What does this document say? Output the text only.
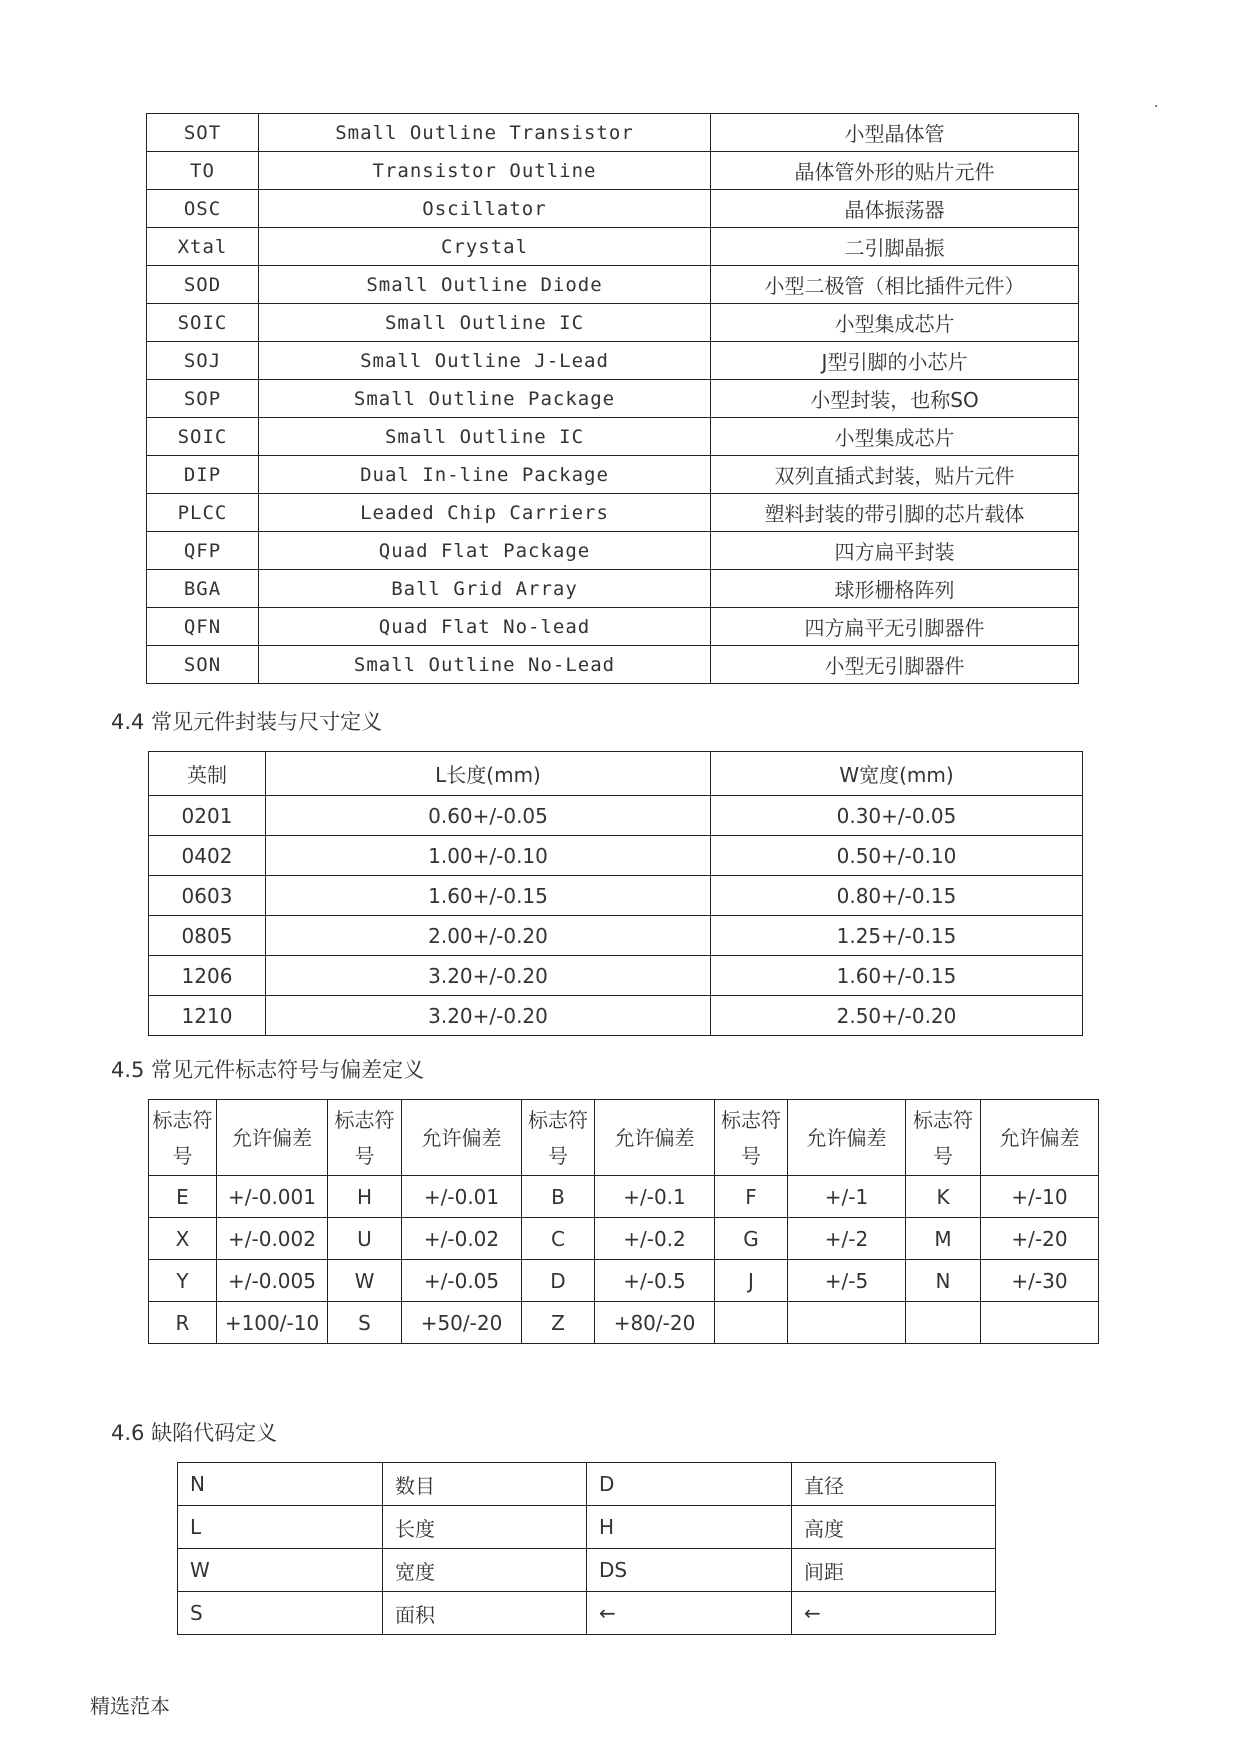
.
SOT	Small Outline Transistor	小型晶体管
TO	Transistor Outline	晶体管外形的贴片元件
OSC	Oscillator	晶体振荡器
Xtal	Crystal	二引脚晶振
SOD	Small Outline Diode	小型二极管（相比插件元件）
SOIC	Small Outline IC	小型集成芯片
SOJ	Small Outline J-Lead	J型引脚的小芯片
SOP	Small Outline Package	小型封装，也称SO
SOIC	Small Outline IC	小型集成芯片
DIP	Dual In-line Package	双列直插式封装，贴片元件
PLCC	Leaded Chip Carriers	塑料封装的带引脚的芯片载体
QFP	Quad Flat Package	四方扁平封装
BGA	Ball Grid Array	球形栅格阵列
QFN	Quad Flat No-lead	四方扁平无引脚器件
SON	Small Outline No-Lead	小型无引脚器件
4.4 常见元件封装与尺寸定义
英制	L长度(mm)	W宽度(mm)
0201	0.60+/-0.05	0.30+/-0.05
0402	1.00+/-0.10	0.50+/-0.10
0603	1.60+/-0.15	0.80+/-0.15
0805	2.00+/-0.20	1.25+/-0.15
1206	3.20+/-0.20	1.60+/-0.15
1210	3.20+/-0.20	2.50+/-0.20
4.5 常见元件标志符号与偏差定义
标志符号	允许偏差	标志符号	允许偏差	标志符号	允许偏差	标志符号	允许偏差	标志符号	允许偏差
E	+/-0.001	H	+/-0.01	B	+/-0.1	F	+/-1	K	+/-10
X	+/-0.002	U	+/-0.02	C	+/-0.2	G	+/-2	M	+/-20
Y	+/-0.005	W	+/-0.05	D	+/-0.5	J	+/-5	N	+/-30
R	+100/-10	S	+50/-20	Z	+80/-20				
4.6 缺陷代码定义
N	数目	D	直径
L	长度	H	高度
W	宽度	DS	间距
S	面积	←	←
精选范本
